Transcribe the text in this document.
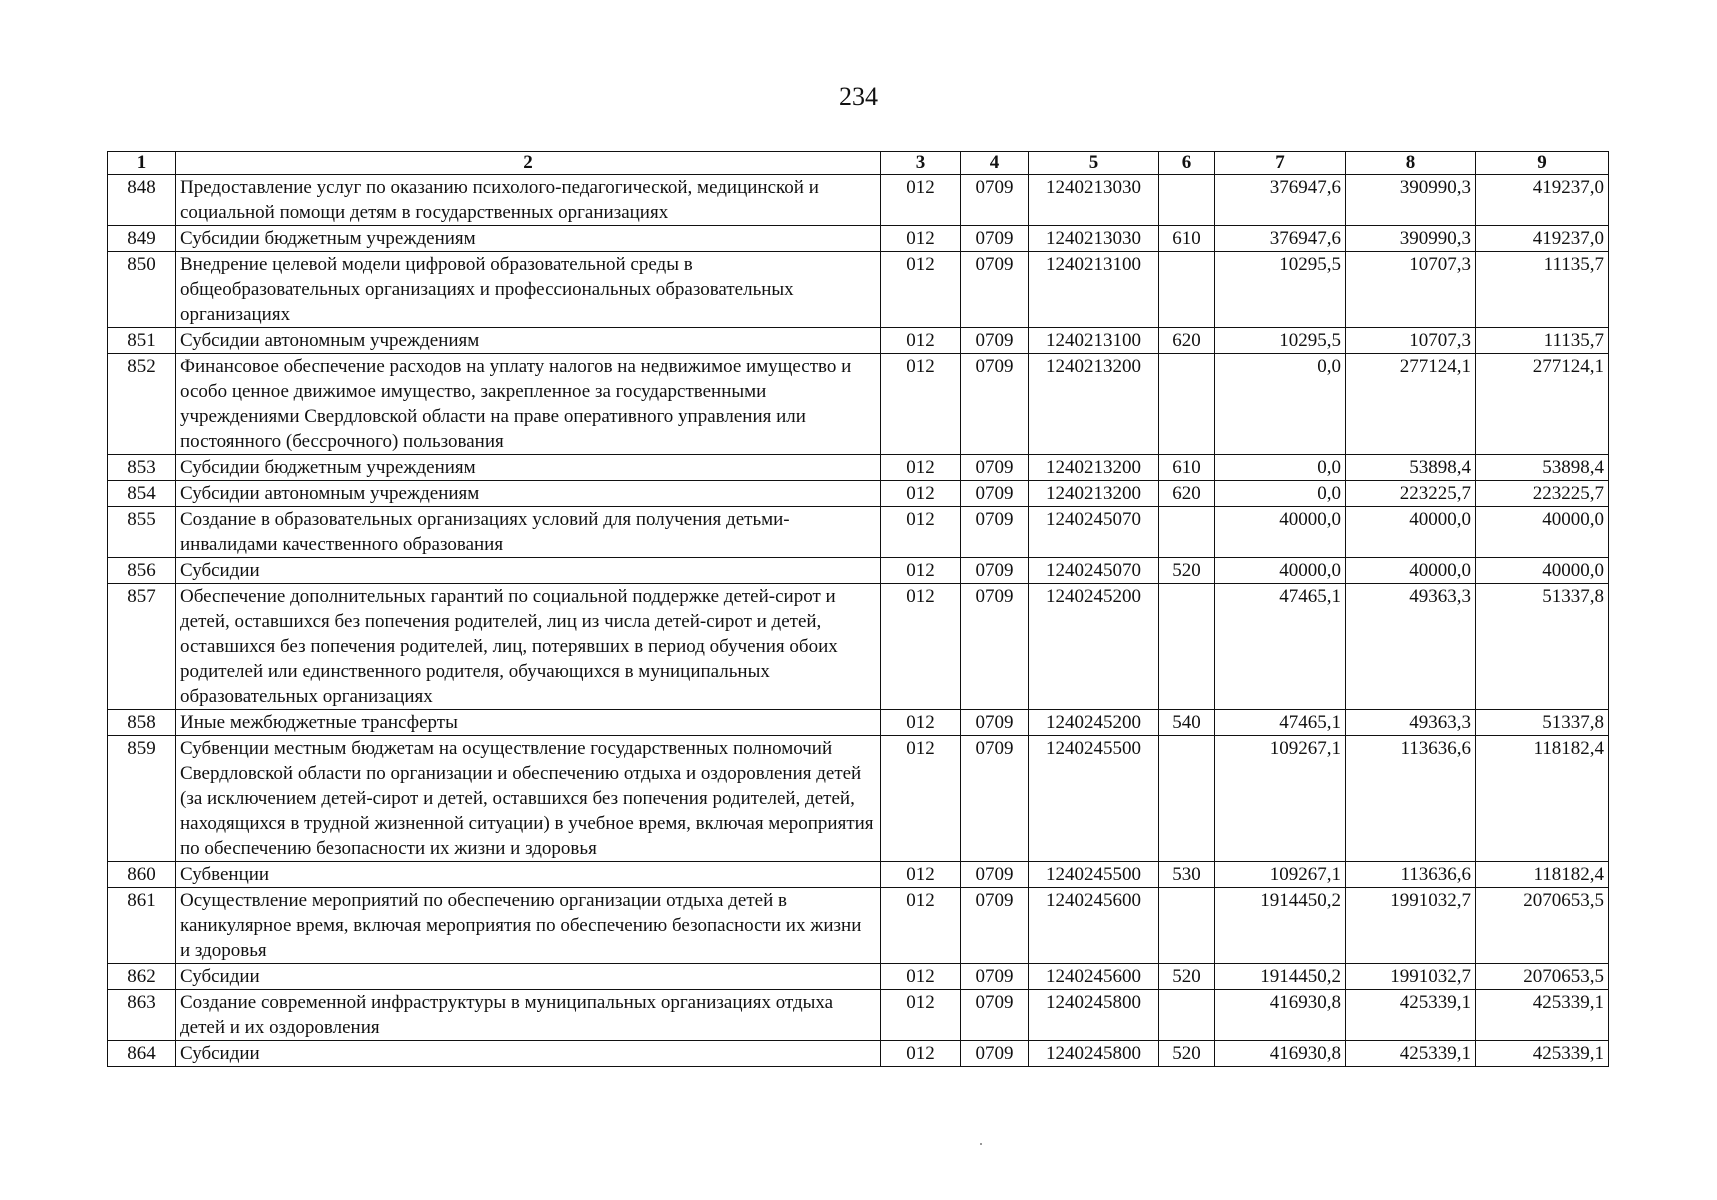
234
1	2	3	4	5	6	7	8	9
848	Предоставление услуг по оказанию психолого-педагогической, медицинской и социальной помощи детям в государственных организациях	012	0709	1240213030		376947,6	390990,3	419237,0
849	Субсидии бюджетным учреждениям	012	0709	1240213030	610	376947,6	390990,3	419237,0
850	Внедрение целевой модели цифровой образовательной среды в общеобразовательных организациях и профессиональных образовательных организациях	012	0709	1240213100		10295,5	10707,3	11135,7
851	Субсидии автономным учреждениям	012	0709	1240213100	620	10295,5	10707,3	11135,7
852	Финансовое обеспечение расходов на уплату налогов на недвижимое имущество и особо ценное движимое имущество, закрепленное за государственными учреждениями Свердловской области на праве оперативного управления или постоянного (бессрочного) пользования	012	0709	1240213200		0,0	277124,1	277124,1
853	Субсидии бюджетным учреждениям	012	0709	1240213200	610	0,0	53898,4	53898,4
854	Субсидии автономным учреждениям	012	0709	1240213200	620	0,0	223225,7	223225,7
855	Создание в образовательных организациях условий для получения детьми-инвалидами качественного образования	012	0709	1240245070		40000,0	40000,0	40000,0
856	Субсидии	012	0709	1240245070	520	40000,0	40000,0	40000,0
857	Обеспечение дополнительных гарантий по социальной поддержке детей-сирот и детей, оставшихся без попечения родителей, лиц из числа детей-сирот и детей, оставшихся без попечения родителей, лиц, потерявших в период обучения обоих родителей или единственного родителя, обучающихся в муниципальных образовательных организациях	012	0709	1240245200		47465,1	49363,3	51337,8
858	Иные межбюджетные трансферты	012	0709	1240245200	540	47465,1	49363,3	51337,8
859	Субвенции местным бюджетам на осуществление государственных полномочий Свердловской области по организации и обеспечению отдыха и оздоровления детей (за исключением детей-сирот и детей, оставшихся без попечения родителей, детей, находящихся в трудной жизненной ситуации) в учебное время, включая мероприятия по обеспечению безопасности их жизни и здоровья	012	0709	1240245500		109267,1	113636,6	118182,4
860	Субвенции	012	0709	1240245500	530	109267,1	113636,6	118182,4
861	Осуществление мероприятий по обеспечению организации отдыха детей в каникулярное время, включая мероприятия по обеспечению безопасности их жизни и здоровья	012	0709	1240245600		1914450,2	1991032,7	2070653,5
862	Субсидии	012	0709	1240245600	520	1914450,2	1991032,7	2070653,5
863	Создание современной инфраструктуры в муниципальных организациях отдыха детей и их оздоровления	012	0709	1240245800		416930,8	425339,1	425339,1
864	Субсидии	012	0709	1240245800	520	416930,8	425339,1	425339,1
